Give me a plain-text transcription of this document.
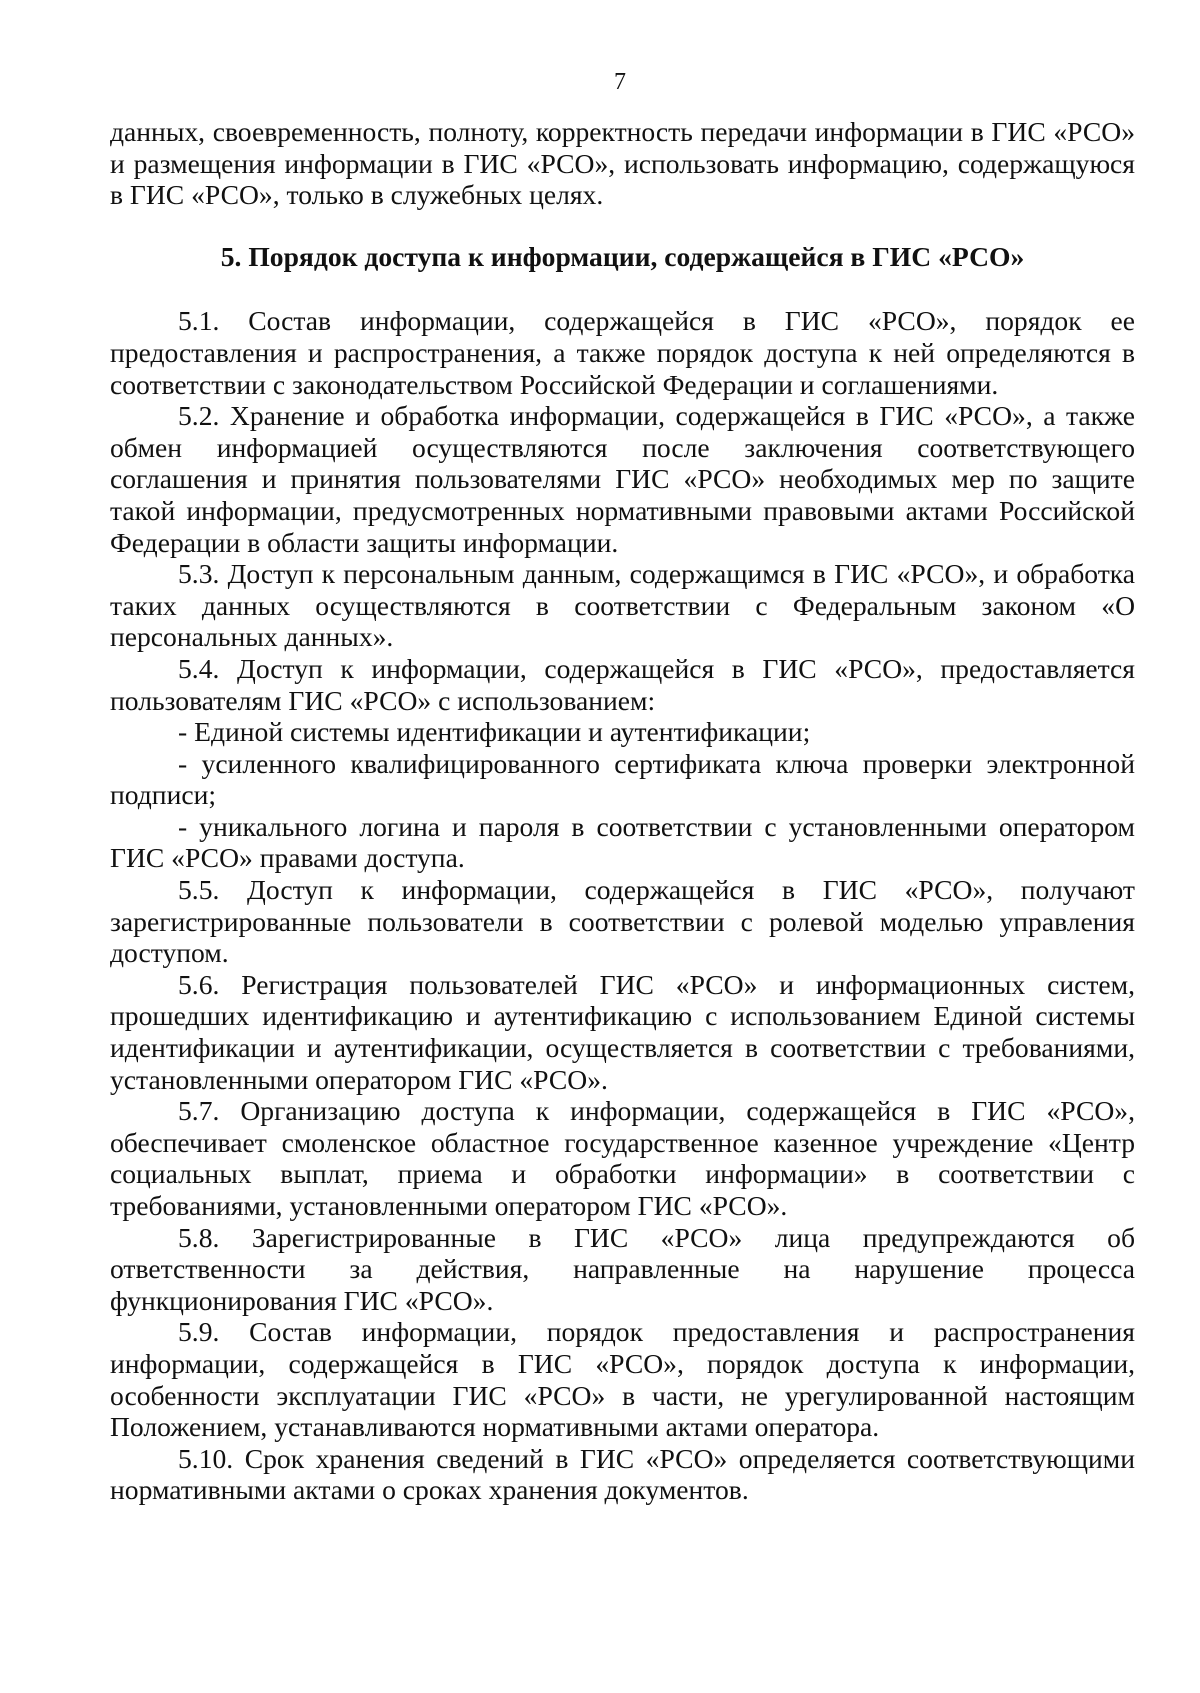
7

данных, своевременность, полноту, корректность передачи информации в ГИС «РСО» и размещения информации в ГИС «РСО», использовать информацию, содержащуюся в ГИС «РСО», только в служебных целях.

5. Порядок доступа к информации, содержащейся в ГИС «РСО»

5.1. Состав информации, содержащейся в ГИС «РСО», порядок ее предоставления и распространения, а также порядок доступа к ней определяются в соответствии с законодательством Российской Федерации и соглашениями.

5.2. Хранение и обработка информации, содержащейся в ГИС «РСО», а также обмен информацией осуществляются после заключения соответствующего соглашения и принятия пользователями ГИС «РСО» необходимых мер по защите такой информации, предусмотренных нормативными правовыми актами Российской Федерации в области защиты информации.

5.3. Доступ к персональным данным, содержащимся в ГИС «РСО», и обработка таких данных осуществляются в соответствии с Федеральным законом «О персональных данных».

5.4. Доступ к информации, содержащейся в ГИС «РСО», предоставляется пользователям ГИС «РСО» с использованием:

- Единой системы идентификации и аутентификации;

- усиленного квалифицированного сертификата ключа проверки электронной подписи;

- уникального логина и пароля в соответствии с установленными оператором ГИС «РСО» правами доступа.

5.5. Доступ к информации, содержащейся в ГИС «РСО», получают зарегистрированные пользователи в соответствии с ролевой моделью управления доступом.

5.6. Регистрация пользователей ГИС «РСО» и информационных систем, прошедших идентификацию и аутентификацию с использованием Единой системы идентификации и аутентификации, осуществляется в соответствии с требованиями, установленными оператором ГИС «РСО».

5.7. Организацию доступа к информации, содержащейся в ГИС «РСО», обеспечивает смоленское областное государственное казенное учреждение «Центр социальных выплат, приема и обработки информации» в соответствии с требованиями, установленными оператором ГИС «РСО».

5.8. Зарегистрированные в ГИС «РСО» лица предупреждаются об ответственности за действия, направленные на нарушение процесса функционирования ГИС «РСО».

5.9. Состав информации, порядок предоставления и распространения информации, содержащейся в ГИС «РСО», порядок доступа к информации, особенности эксплуатации ГИС «РСО» в части, не урегулированной настоящим Положением, устанавливаются нормативными актами оператора.

5.10. Срок хранения сведений в ГИС «РСО» определяется соответствующими нормативными актами о сроках хранения документов.
